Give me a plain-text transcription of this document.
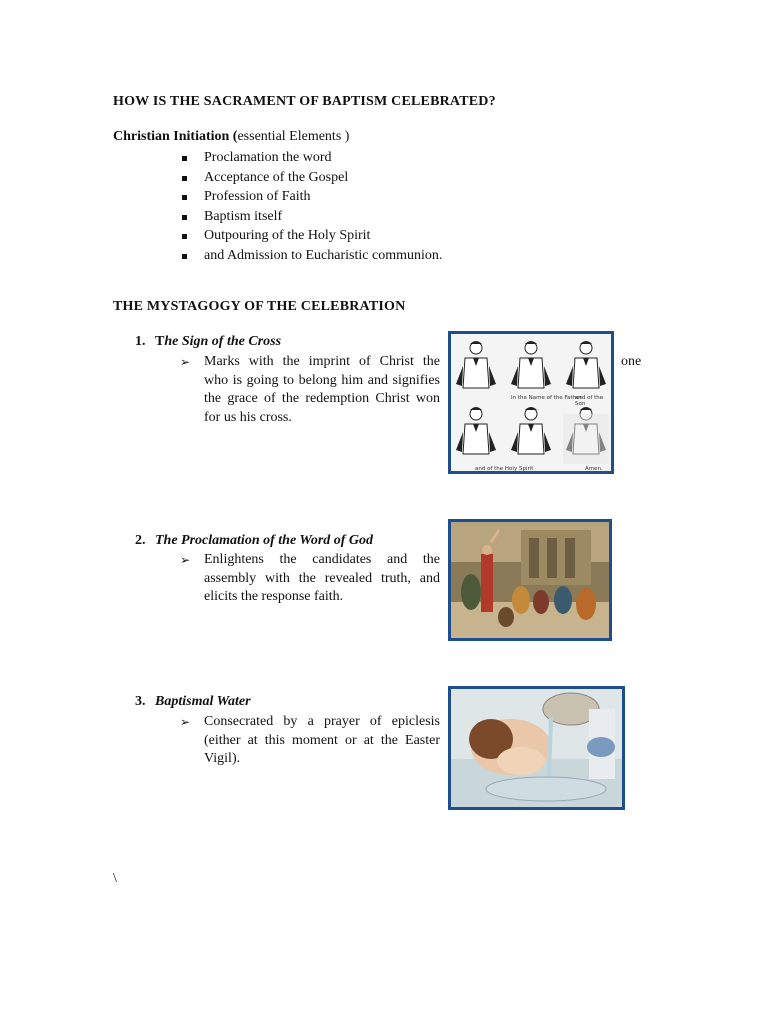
HOW IS THE SACRAMENT OF BAPTISM CELEBRATED?
Christian Initiation (essential Elements )
Proclamation the word
Acceptance of the Gospel
Profession of Faith
Baptism itself
Outpouring of the Holy Spirit
and Admission to Eucharistic communion.
THE MYSTAGOGY OF THE CELEBRATION
1. The Sign of the Cross
➢ Marks with the imprint of Christ the
who is going to belong him and signifies the grace of the redemption Christ won for us his cross.
one
In the Name of the Father
and of the Son
and of the Holy Spirit	Amen.
2. The Proclamation of the Word of God
➢ Enlightens the candidates and the assembly with the revealed truth, and elicits the response faith.
3. Baptismal Water
➢ Consecrated by a prayer of epiclesis (either at this moment or at the Easter Vigil).
\
